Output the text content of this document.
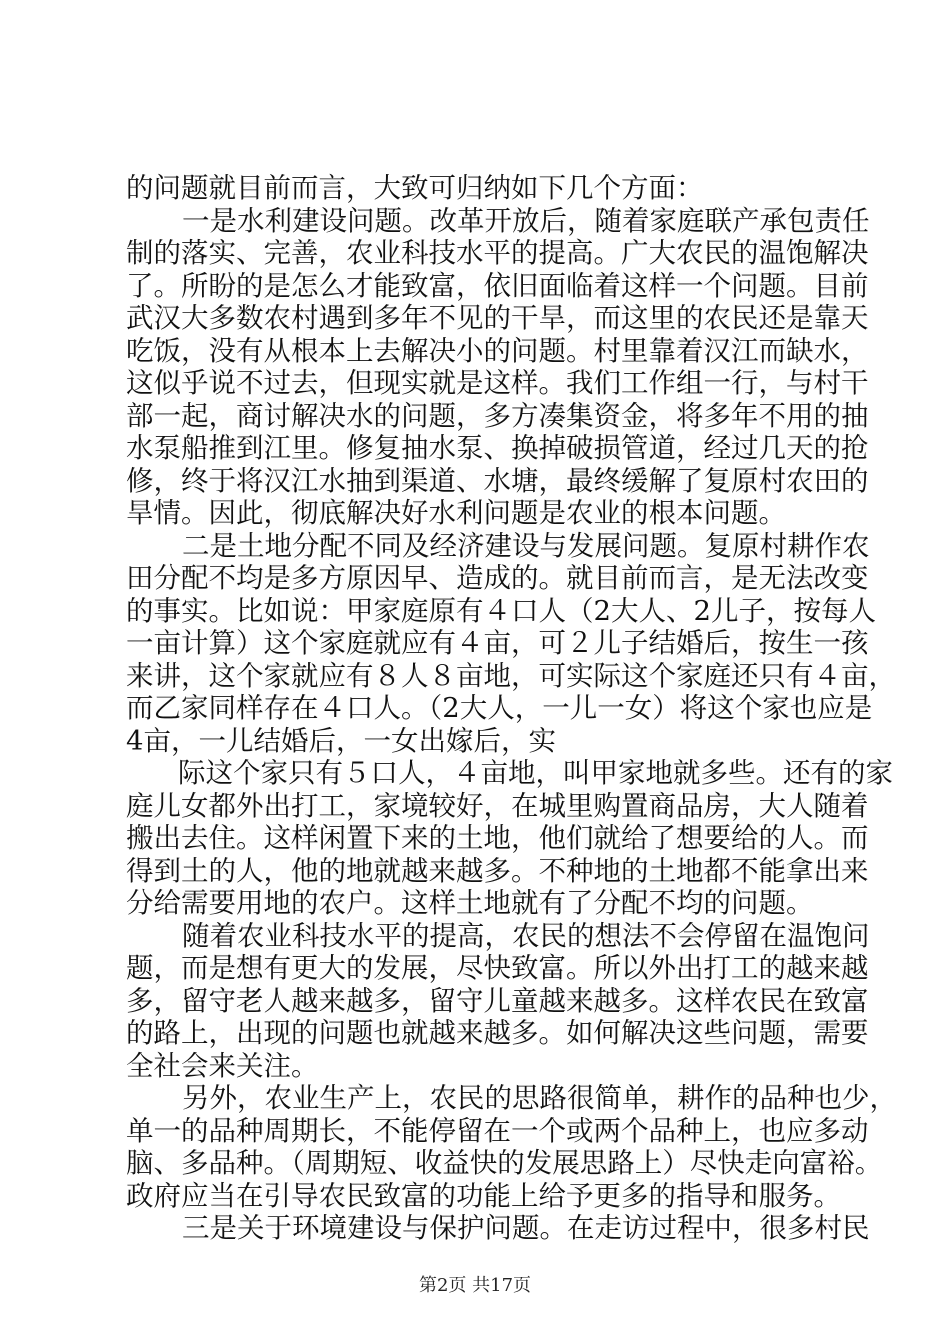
的问题就目前而言，大致可归纳如下几个方面：
一是水利建设问题。改革开放后，随着家庭联产承包责任
制的落实、完善，农业科技水平的提高。广大农民的温饱解决
了。所盼的是怎么才能致富，依旧面临着这样一个问题。目前
武汉大多数农村遇到多年不见的干旱，而这里的农民还是靠天
吃饭，没有从根本上去解决小的问题。村里靠着汉江而缺水，
这似乎说不过去，但现实就是这样。我们工作组一行，与村干
部一起，商讨解决水的问题，多方凑集资金，将多年不用的抽
水泵船推到江里。修复抽水泵、换掉破损管道，经过几天的抢
修，终于将汉江水抽到渠道、水塘，最终缓解了复原村农田的
旱情。因此，彻底解决好水利问题是农业的根本问题。
二是土地分配不同及经济建设与发展问题。复原村耕作农
田分配不均是多方原因早、造成的。就目前而言，是无法改变
的事实。比如说：甲家庭原有４口人（2大人、2儿子，按每人
一亩计算）这个家庭就应有４亩，可２儿子结婚后，按生一孩
来讲，这个家就应有８人８亩地，可实际这个家庭还只有４亩，
而乙家同样存在４口人。（2大人，一儿一女）将这个家也应是
4亩，一儿结婚后，一女出嫁后，实
际这个家只有５口人，４亩地，叫甲家地就多些。还有的家
庭儿女都外出打工，家境较好，在城里购置商品房，大人随着
搬出去住。这样闲置下来的土地，他们就给了想要给的人。而
得到土的人，他的地就越来越多。不种地的土地都不能拿出来
分给需要用地的农户。这样土地就有了分配不均的问题。
随着农业科技水平的提高，农民的想法不会停留在温饱问
题，而是想有更大的发展，尽快致富。所以外出打工的越来越
多，留守老人越来越多，留守儿童越来越多。这样农民在致富
的路上，出现的问题也就越来越多。如何解决这些问题，需要
全社会来关注。
另外，农业生产上，农民的思路很简单，耕作的品种也少，
单一的品种周期长，不能停留在一个或两个品种上，也应多动
脑、多品种。（周期短、收益快的发展思路上）尽快走向富裕。
政府应当在引导农民致富的功能上给予更多的指导和服务。
三是关于环境建设与保护问题。在走访过程中，很多村民
第2页 共17页
